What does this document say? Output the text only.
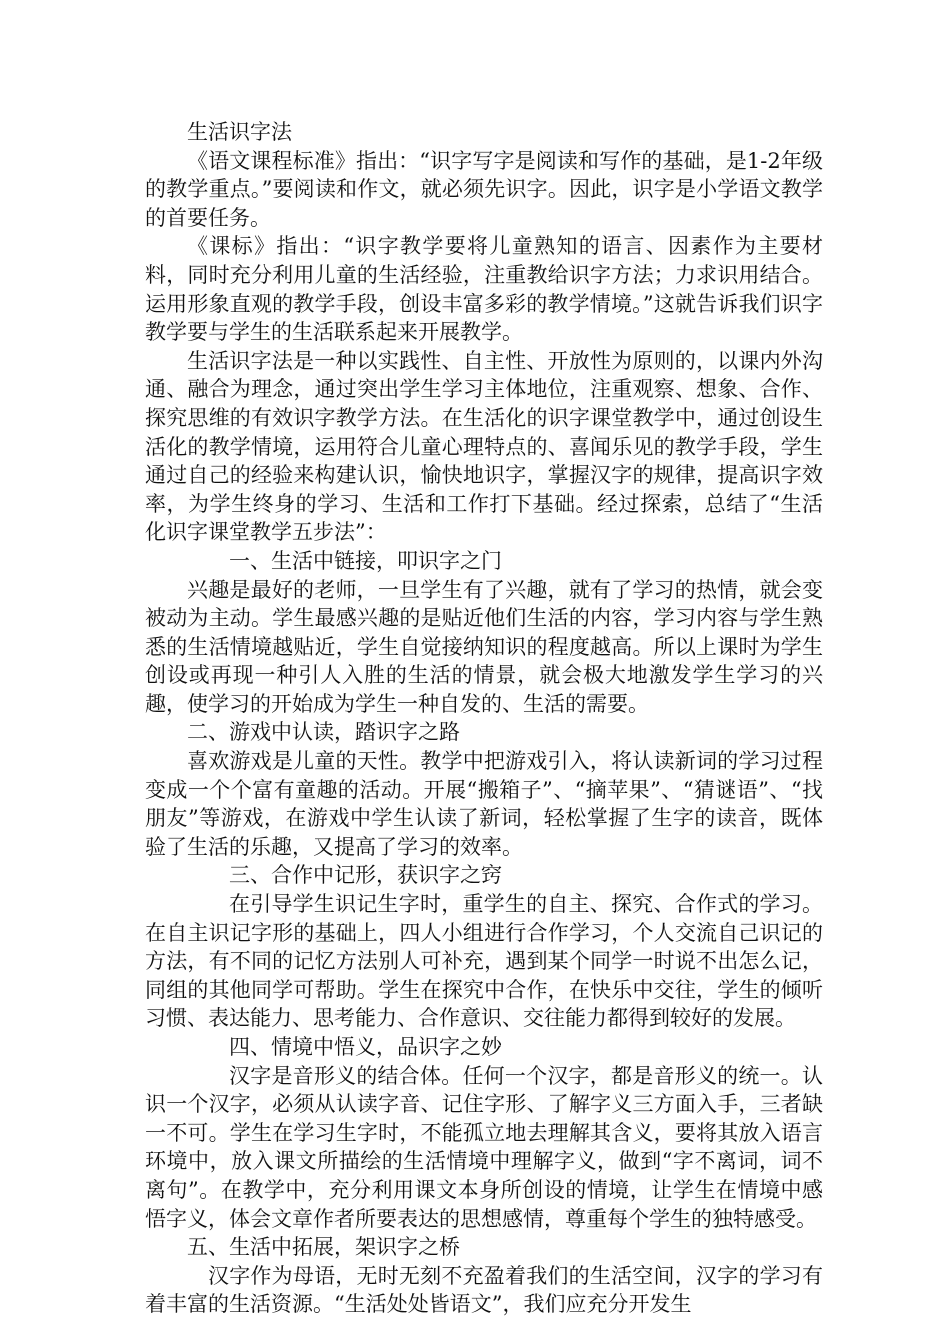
生活识字法

《语文课程标准》指出：“识字写字是阅读和写作的基础，是1-2年级的教学重点。”要阅读和作文，就必须先识字。因此，识字是小学语文教学的首要任务。

《课标》指出：“识字教学要将儿童熟知的语言、因素作为主要材料，同时充分利用儿童的生活经验，注重教给识字方法；力求识用结合。运用形象直观的教学手段，创设丰富多彩的教学情境。”这就告诉我们识字教学要与学生的生活联系起来开展教学。

生活识字法是一种以实践性、自主性、开放性为原则的，以课内外沟通、融合为理念，通过突出学生学习主体地位，注重观察、想象、合作、探究思维的有效识字教学方法。在生活化的识字课堂教学中，通过创设生活化的教学情境，运用符合儿童心理特点的、喜闻乐见的教学手段，学生通过自己的经验来构建认识，愉快地识字，掌握汉字的规律，提高识字效率，为学生终身的学习、生活和工作打下基础。经过探索，总结了“生活化识字课堂教学五步法”：

一、生活中链接，叩识字之门

兴趣是最好的老师，一旦学生有了兴趣，就有了学习的热情，就会变被动为主动。学生最感兴趣的是贴近他们生活的内容，学习内容与学生熟悉的生活情境越贴近，学生自觉接纳知识的程度越高。所以上课时为学生创设或再现一种引人入胜的生活的情景，就会极大地激发学生学习的兴趣，使学习的开始成为学生一种自发的、生活的需要。

二、游戏中认读，踏识字之路

喜欢游戏是儿童的天性。教学中把游戏引入，将认读新词的学习过程变成一个个富有童趣的活动。开展“搬箱子”、“摘苹果”、“猜谜语”、“找朋友”等游戏，在游戏中学生认读了新词，轻松掌握了生字的读音，既体验了生活的乐趣，又提高了学习的效率。

三、合作中记形，获识字之窍

在引导学生识记生字时，重学生的自主、探究、合作式的学习。在自主识记字形的基础上，四人小组进行合作学习，个人交流自己识记的方法，有不同的记忆方法别人可补充，遇到某个同学一时说不出怎么记，同组的其他同学可帮助。学生在探究中合作，在快乐中交往，学生的倾听习惯、表达能力、思考能力、合作意识、交往能力都得到较好的发展。

四、情境中悟义，品识字之妙

汉字是音形义的结合体。任何一个汉字，都是音形义的统一。认识一个汉字，必须从认读字音、记住字形、了解字义三方面入手，三者缺一不可。学生在学习生字时，不能孤立地去理解其含义，要将其放入语言环境中，放入课文所描绘的生活情境中理解字义，做到“字不离词，词不离句”。在教学中，充分利用课文本身所创设的情境，让学生在情境中感悟字义，体会文章作者所要表达的思想感情，尊重每个学生的独特感受。

五、生活中拓展，架识字之桥

汉字作为母语，无时无刻不充盈着我们的生活空间，汉字的学习有着丰富的生活资源。“生活处处皆语文”，我们应充分开发生
